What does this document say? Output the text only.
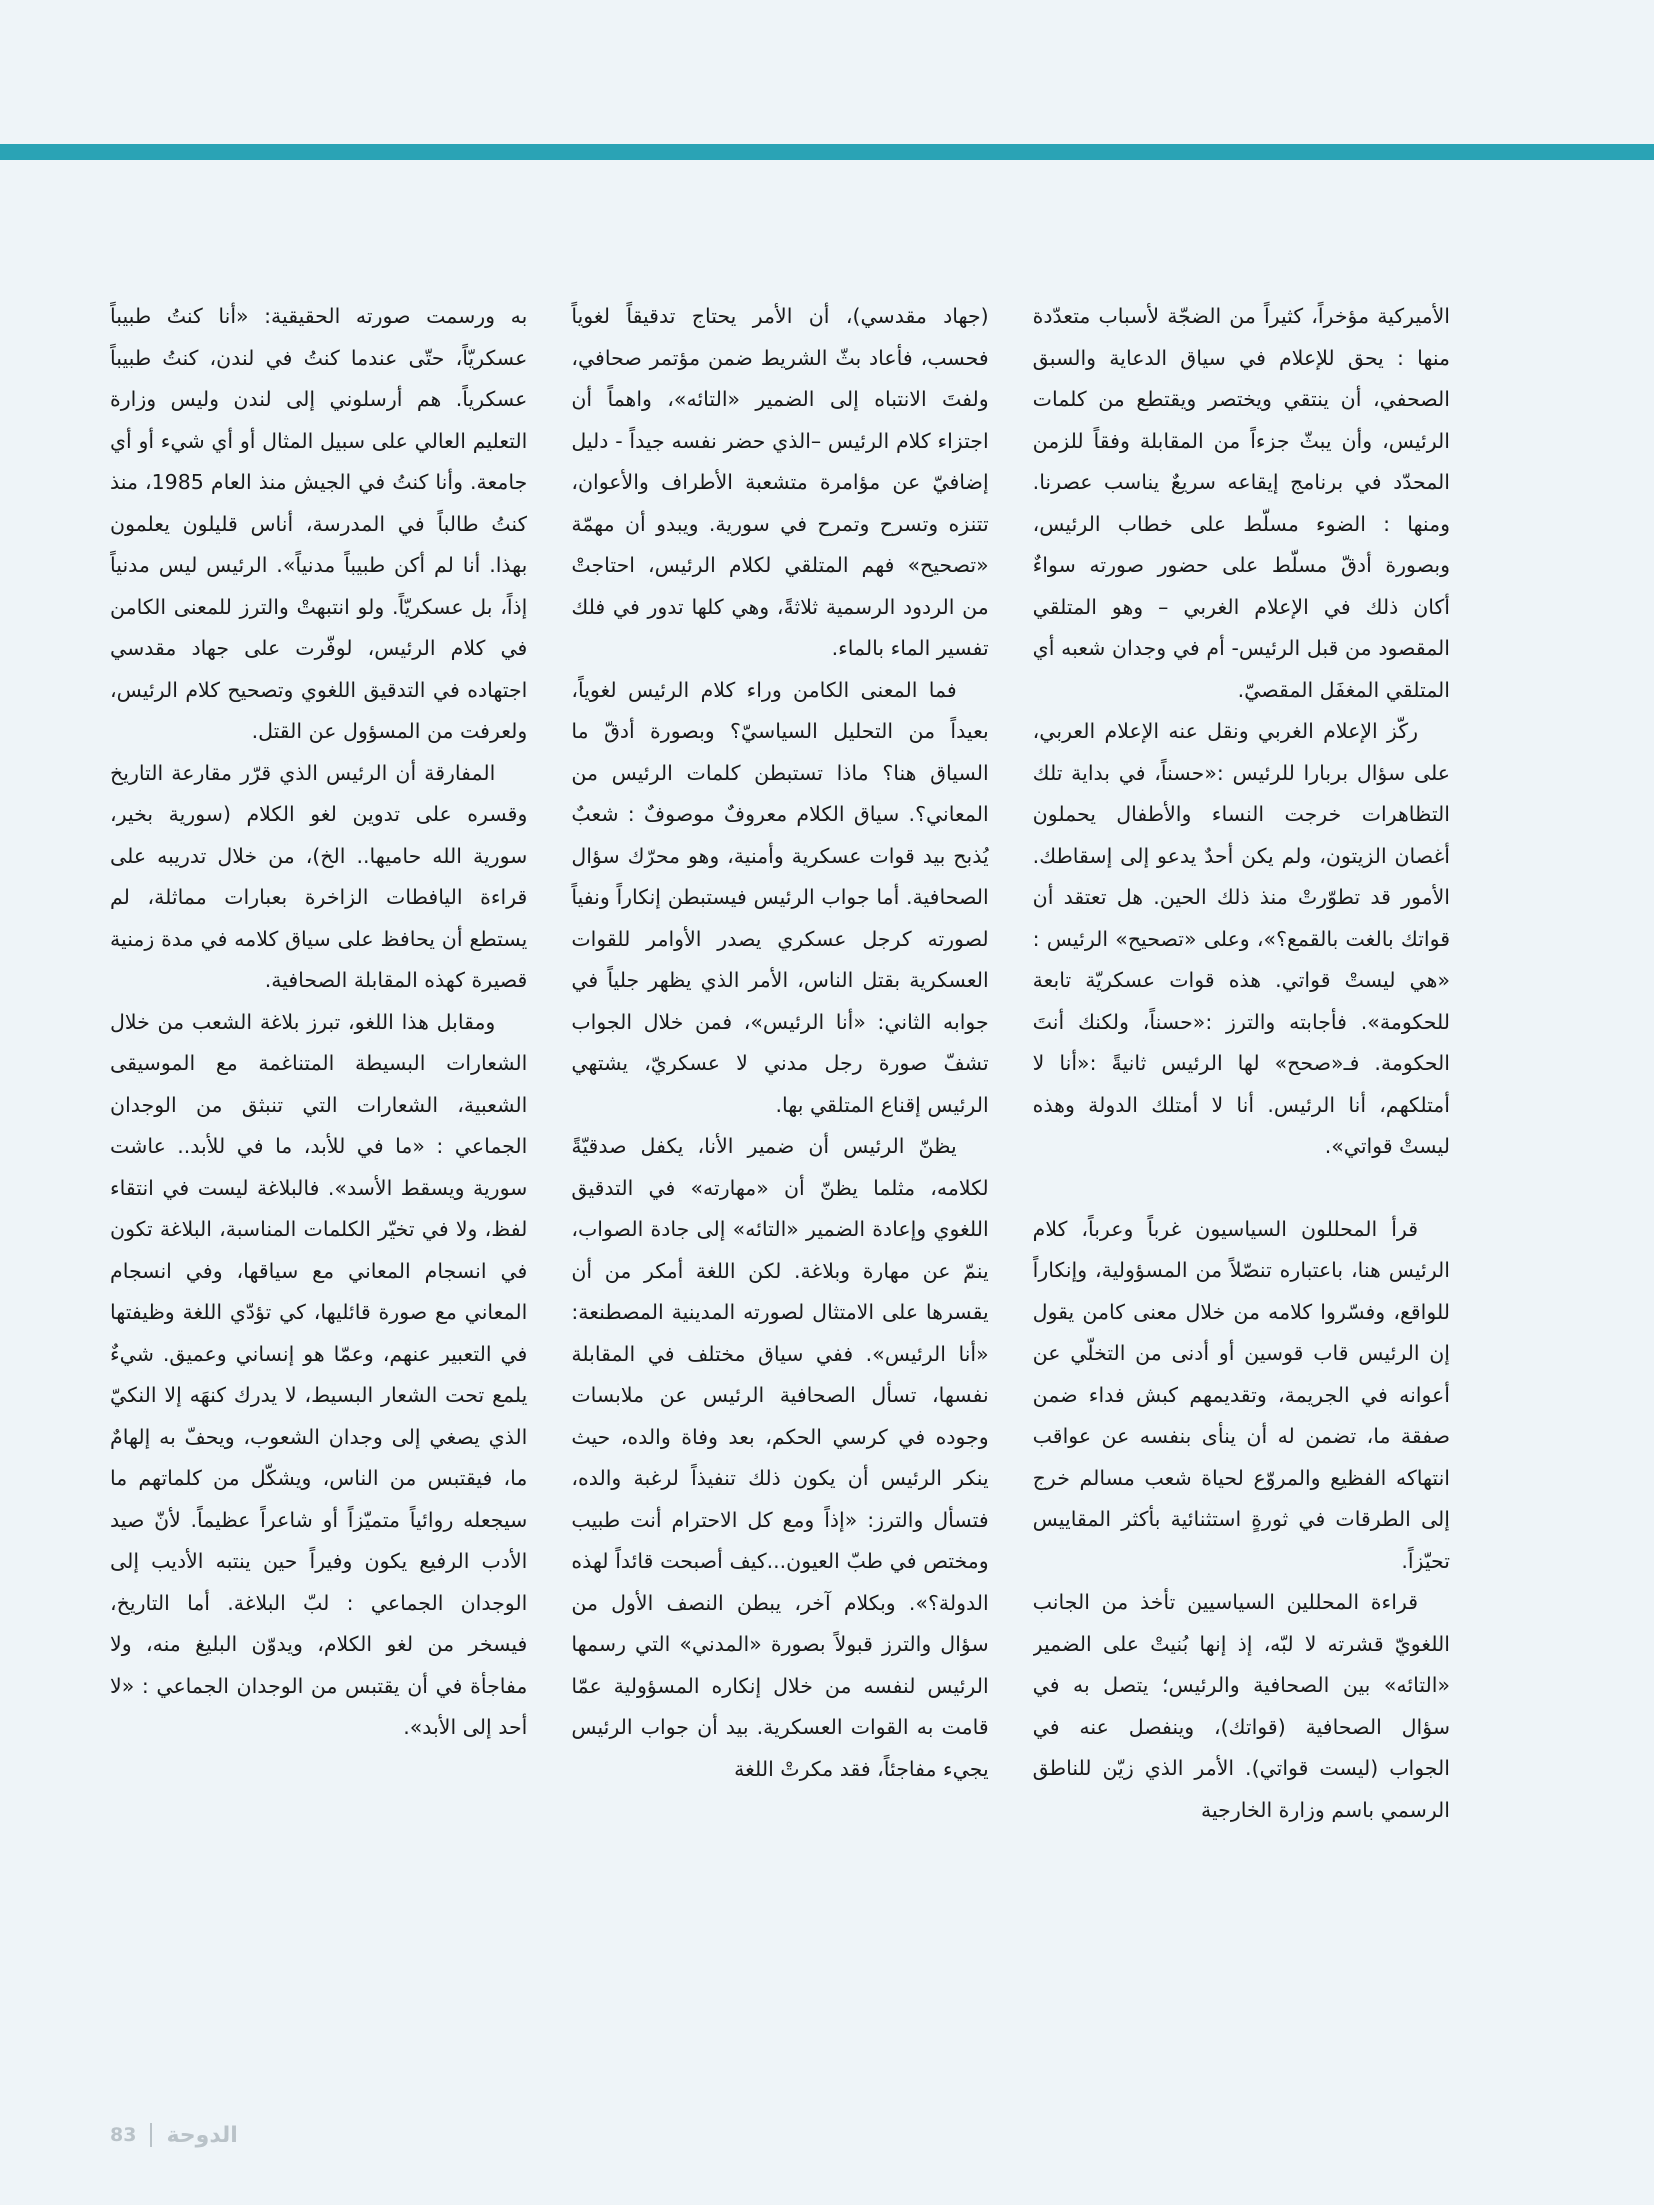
الأميركية مؤخراً، كثيراً من الضجّة لأسباب متعدّدة منها : يحق للإعلام في سياق الدعاية والسبق الصحفي، أن ينتقي ويختصر ويقتطع من كلمات الرئيس، وأن يبثّ جزءاً من المقابلة وفقاً للزمن المحدّد في برنامج إيقاعه سريعٌ يناسب عصرنا. ومنها : الضوء مسلّط على خطاب الرئيس، وبصورة أدقّ مسلّط على حضور صورته سواءٌ أكان ذلك في الإعلام الغربي – وهو المتلقي المقصود من قبل الرئيس- أم في وجدان شعبه أي المتلقي المغفَل المقصيّ.

ركّز الإعلام الغربي ونقل عنه الإعلام العربي، على سؤال بربارا للرئيس :«حسناً، في بداية تلك التظاهرات خرجت النساء والأطفال يحملون أغصان الزيتون، ولم يكن أحدٌ يدعو إلى إسقاطك. الأمور قد تطوّرتْ منذ ذلك الحين. هل تعتقد أن قواتك بالغت بالقمع؟»، وعلى «تصحيح» الرئيس : «هي ليستْ قواتي. هذه قوات عسكريّة تابعة للحكومة». فأجابته والترز :«حسناً، ولكنك أنتَ الحكومة. فـ«صحح» لها الرئيس ثانيةً :«أنا لا أمتلكهم، أنا الرئيس. أنا لا أمتلك الدولة وهذه ليستْ قواتي».

قرأ المحللون السياسيون غرباً وعرباً، كلام الرئيس هنا، باعتباره تنصّلاً من المسؤولية، وإنكاراً للواقع، وفسّروا كلامه من خلال معنى كامن يقول إن الرئيس قاب قوسين أو أدنى من التخلّي عن أعوانه في الجريمة، وتقديمهم كبش فداء ضمن صفقة ما، تضمن له أن ينأى بنفسه عن عواقب انتهاكه الفظيع والمروّع لحياة شعب مسالم خرج إلى الطرقات في ثورةٍ استثنائية بأكثر المقاييس تحيّزاً.

قراءة المحللين السياسيين تأخذ من الجانب اللغويّ قشرته لا لبّه، إذ إنها بُنيتْ على الضمير «التائه» بين الصحافية والرئيس؛ يتصل به في سؤال الصحافية (قواتك)، وينفصل عنه في الجواب (ليست قواتي). الأمر الذي زيّن للناطق الرسمي باسم وزارة الخارجية

(جهاد مقدسي)، أن الأمر يحتاج تدقيقاً لغوياً فحسب، فأعاد بثّ الشريط ضمن مؤتمر صحافي، ولفتَ الانتباه إلى الضمير «التائه»، واهماً أن اجتزاء كلام الرئيس –الذي حضر نفسه جيداً - دليل إضافيّ عن مؤامرة متشعبة الأطراف والأعوان، تتنزه وتسرح وتمرح في سورية. ويبدو أن مهمّة «تصحيح» فهم المتلقي لكلام الرئيس، احتاجتْ من الردود الرسمية ثلاثةً، وهي كلها تدور في فلك تفسير الماء بالماء.

فما المعنى الكامن وراء كلام الرئيس لغوياً، بعيداً من التحليل السياسيّ؟ وبصورة أدقّ ما السياق هنا؟ ماذا تستبطن كلمات الرئيس من المعاني؟. سياق الكلام معروفٌ موصوفٌ : شعبٌ يُذبح بيد قوات عسكرية وأمنية، وهو محرّك سؤال الصحافية. أما جواب الرئيس فيستبطن إنكاراً ونفياً لصورته كرجل عسكري يصدر الأوامر للقوات العسكرية بقتل الناس، الأمر الذي يظهر جلياً في جوابه الثاني: «أنا الرئيس»، فمن خلال الجواب تشفّ صورة رجل مدني لا عسكريّ، يشتهي الرئيس إقناع المتلقي بها.

يظنّ الرئيس أن ضمير الأنا، يكفل صدقيّةً لكلامه، مثلما يظنّ أن «مهارته» في التدقيق اللغوي وإعادة الضمير «التائه» إلى جادة الصواب، ينمّ عن مهارة وبلاغة. لكن اللغة أمكر من أن يقسرها على الامتثال لصورته المدينية المصطنعة: «أنا الرئيس». ففي سياق مختلف في المقابلة نفسها، تسأل الصحافية الرئيس عن ملابسات وجوده في كرسي الحكم، بعد وفاة والده، حيث ينكر الرئيس أن يكون ذلك تنفيذاً لرغبة والده، فتسأل والترز: «إذاً ومع كل الاحترام أنت طبيب ومختص في طبّ العيون...كيف أصبحت قائداً لهذه الدولة؟». وبكلام آخر، يبطن النصف الأول من سؤال والترز قبولاً بصورة «المدني» التي رسمها الرئيس لنفسه من خلال إنكاره المسؤولية عمّا قامت به القوات العسكرية. بيد أن جواب الرئيس يجيء مفاجئاً، فقد مكرتْ اللغة

به ورسمت صورته الحقيقية: «أنا كنتُ طبيباً عسكريّاً، حتّى عندما كنتُ في لندن، كنتُ طبيباً عسكرياً. هم أرسلوني إلى لندن وليس وزارة التعليم العالي على سبيل المثال أو أي شيء أو أي جامعة. وأنا كنتُ في الجيش منذ العام 1985، منذ كنتُ طالباً في المدرسة، أناس قليلون يعلمون بهذا. أنا لم أكن طبيباً مدنياً». الرئيس ليس مدنياً إذاً، بل عسكريّاً. ولو انتبهتْ والترز للمعنى الكامن في كلام الرئيس، لوفّرت على جهاد مقدسي اجتهاده في التدقيق اللغوي وتصحيح كلام الرئيس، ولعرفت من المسؤول عن القتل.

المفارقة أن الرئيس الذي قرّر مقارعة التاريخ وقسره على تدوين لغو الكلام (سورية بخير، سورية الله حاميها.. الخ)، من خلال تدريبه على قراءة اليافطات الزاخرة بعبارات مماثلة، لم يستطع أن يحافظ على سياق كلامه في مدة زمنية قصيرة كهذه المقابلة الصحافية.

ومقابل هذا اللغو، تبرز بلاغة الشعب من خلال الشعارات البسيطة المتناغمة مع الموسيقى الشعبية، الشعارات التي تنبثق من الوجدان الجماعي : «ما في للأبد، ما في للأبد.. عاشت سورية ويسقط الأسد». فالبلاغة ليست في انتقاء لفظ، ولا في تخيّر الكلمات المناسبة، البلاغة تكون في انسجام المعاني مع سياقها، وفي انسجام المعاني مع صورة قائليها، كي تؤدّي اللغة وظيفتها في التعبير عنهم، وعمّا هو إنساني وعميق. شيءٌ يلمع تحت الشعار البسيط، لا يدرك كنهَه إلا النكيّ الذي يصغي إلى وجدان الشعوب، ويحفّ به إلهامٌ ما، فيقتبس من الناس، ويشكّل من كلماتهم ما سيجعله روائياً متميّزاً أو شاعراً عظيماً. لأنّ صيد الأدب الرفيع يكون وفيراً حين ينتبه الأديب إلى الوجدان الجماعي : لبّ البلاغة. أما التاريخ، فيسخر من لغو الكلام، ويدوّن البليغ منه، ولا مفاجأة في أن يقتبس من الوجدان الجماعي : «لا أحد إلى الأبد».

83 الدوحة
